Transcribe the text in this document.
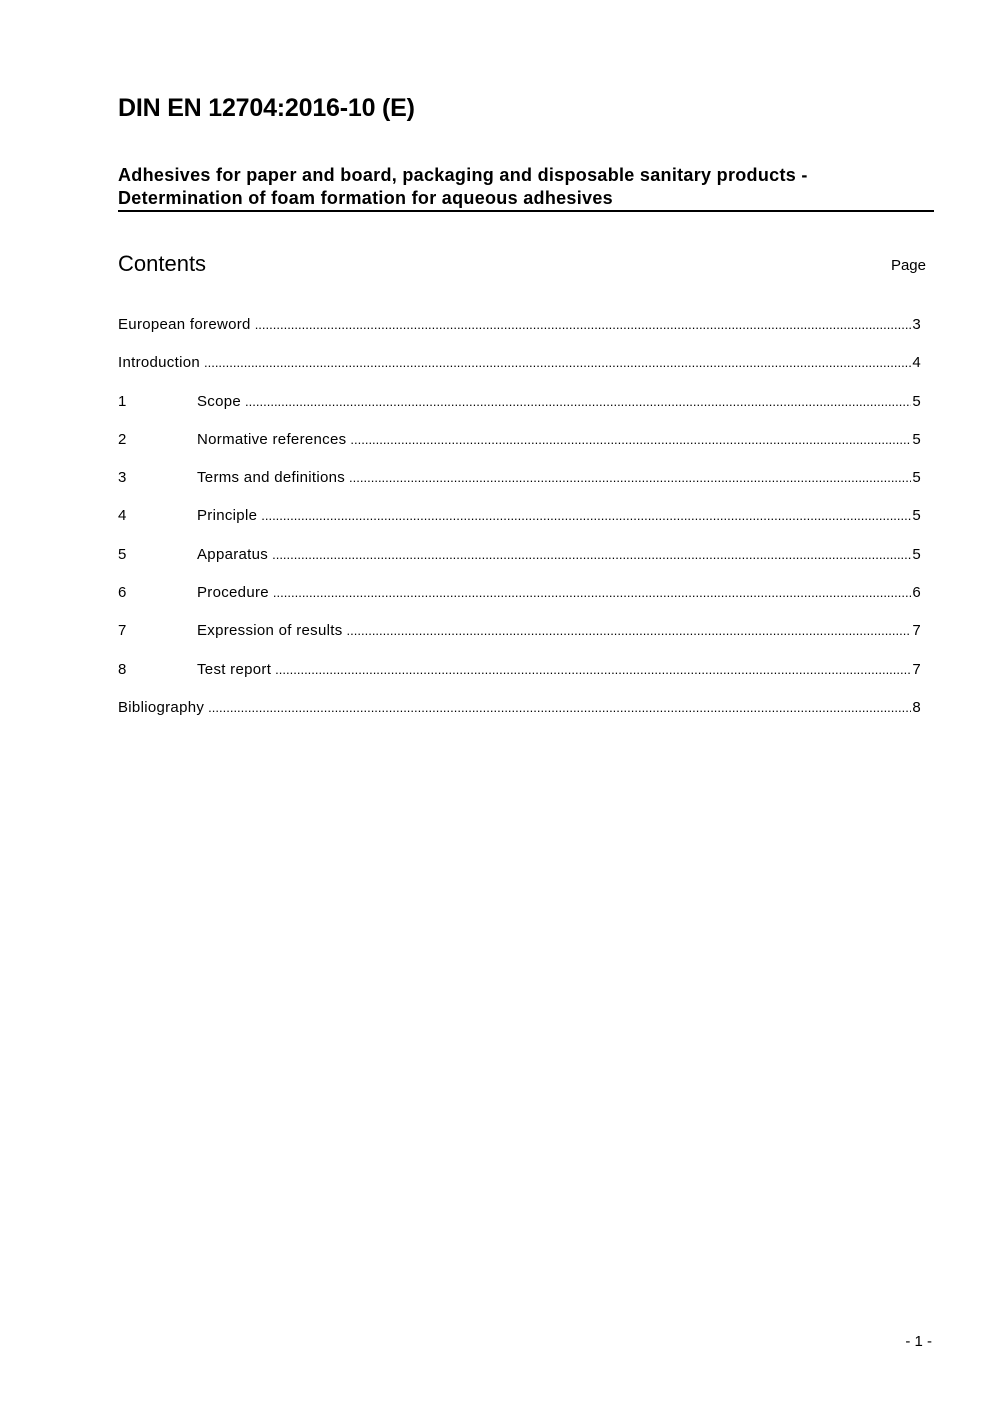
DIN EN 12704:2016-10 (E)
Adhesives for paper and board, packaging and disposable sanitary products -
Determination of foam formation for aqueous adhesives
Contents	Page
European foreword .....	3
Introduction .....	4
1	Scope .....	5
2	Normative references .....	5
3	Terms and definitions .....	5
4	Principle .....	5
5	Apparatus .....	5
6	Procedure .....	6
7	Expression of results .....	7
8	Test report .....	7
Bibliography .....	8
- 1 -
